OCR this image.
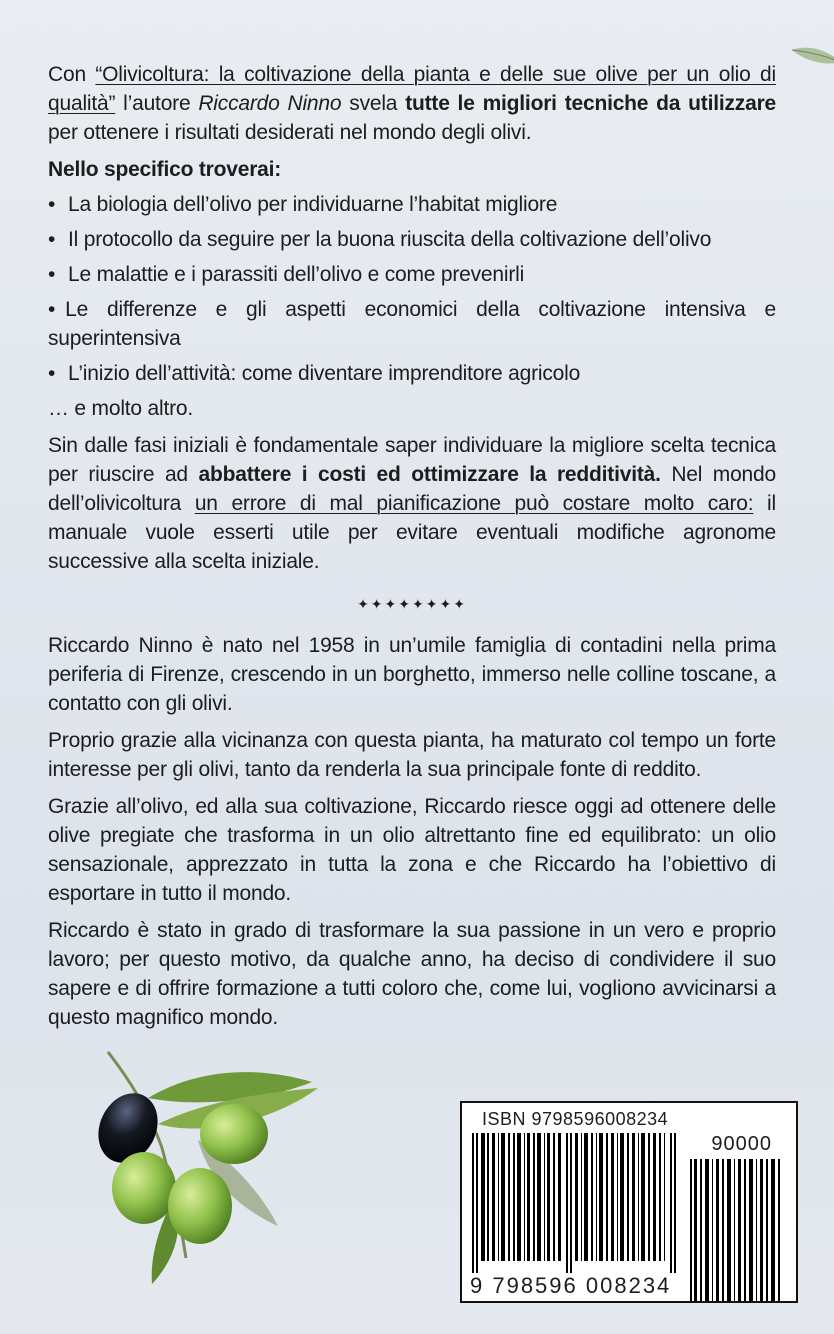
Con “Olivicoltura: la coltivazione della pianta e delle sue olive per un olio di qualità” l’autore Riccardo Ninno svela tutte le migliori tecniche da utilizzare per ottenere i risultati desiderati nel mondo degli olivi.

Nello specifico troverai:

• La biologia dell’olivo per individuarne l’habitat migliore
• Il protocollo da seguire per la buona riuscita della coltivazione dell’olivo
• Le malattie e i parassiti dell’olivo e come prevenirli
• Le differenze e gli aspetti economici della coltivazione intensiva e superintensiva
• L’inizio dell’attività: come diventare imprenditore agricolo

… e molto altro.

Sin dalle fasi iniziali è fondamentale saper individuare la migliore scelta tecnica per riuscire ad abbattere i costi ed ottimizzare la redditività. Nel mondo dell’olivicoltura un errore di mal pianificazione può costare molto caro: il manuale vuole esserti utile per evitare eventuali modifiche agronome successive alla scelta iniziale.

✦✦✦✦✦✦✦✦

Riccardo Ninno è nato nel 1958 in un’umile famiglia di contadini nella prima periferia di Firenze, crescendo in un borghetto, immerso nelle colline toscane, a contatto con gli olivi.

Proprio grazie alla vicinanza con questa pianta, ha maturato col tempo un forte interesse per gli olivi, tanto da renderla la sua principale fonte di reddito.

Grazie all’olivo, ed alla sua coltivazione, Riccardo riesce oggi ad ottenere delle olive pregiate che trasforma in un olio altrettanto fine ed equilibrato: un olio sensazionale, apprezzato in tutta la zona e che Riccardo ha l’obiettivo di esportare in tutto il mondo.

Riccardo è stato in grado di trasformare la sua passione in un vero e proprio lavoro; per questo motivo, da qualche anno, ha deciso di condividere il suo sapere e di offrire formazione a tutti coloro che, come lui, vogliono avvicinarsi a questo magnifico mondo.

ISBN 9798596008234
90000
9 798596 008234
